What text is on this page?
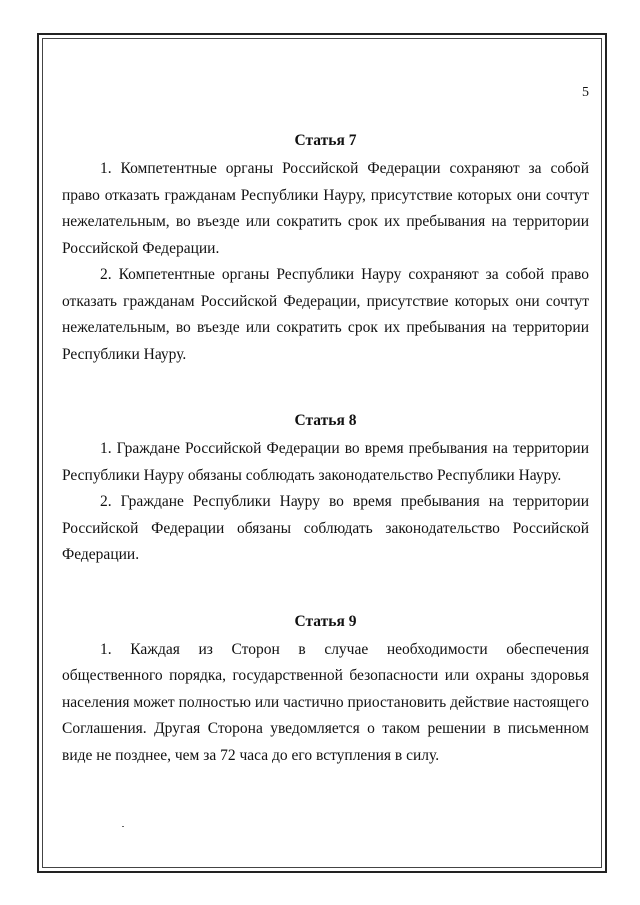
5
Статья 7

1. Компетентные органы Российской Федерации сохраняют за собой право отказать гражданам Республики Науру, присутствие которых они сочтут нежелательным, во въезде или сократить срок их пребывания на территории Российской Федерации.

2. Компетентные органы Республики Науру сохраняют за собой право отказать гражданам Российской Федерации, присутствие которых они сочтут нежелательным, во въезде или сократить срок их пребывания на территории Республики Науру.

Статья 8

1. Граждане Российской Федерации во время пребывания на территории Республики Науру обязаны соблюдать законодательство Республики Науру.

2. Граждане Республики Науру во время пребывания на территории Российской Федерации обязаны соблюдать законодательство Российской Федерации.

Статья 9

1. Каждая из Сторон в случае необходимости обеспечения общественного порядка, государственной безопасности или охраны здоровья населения может полностью или частично приостановить действие настоящего Соглашения. Другая Сторона уведомляется о таком решении в письменном виде не позднее, чем за 72 часа до его вступления в силу.
